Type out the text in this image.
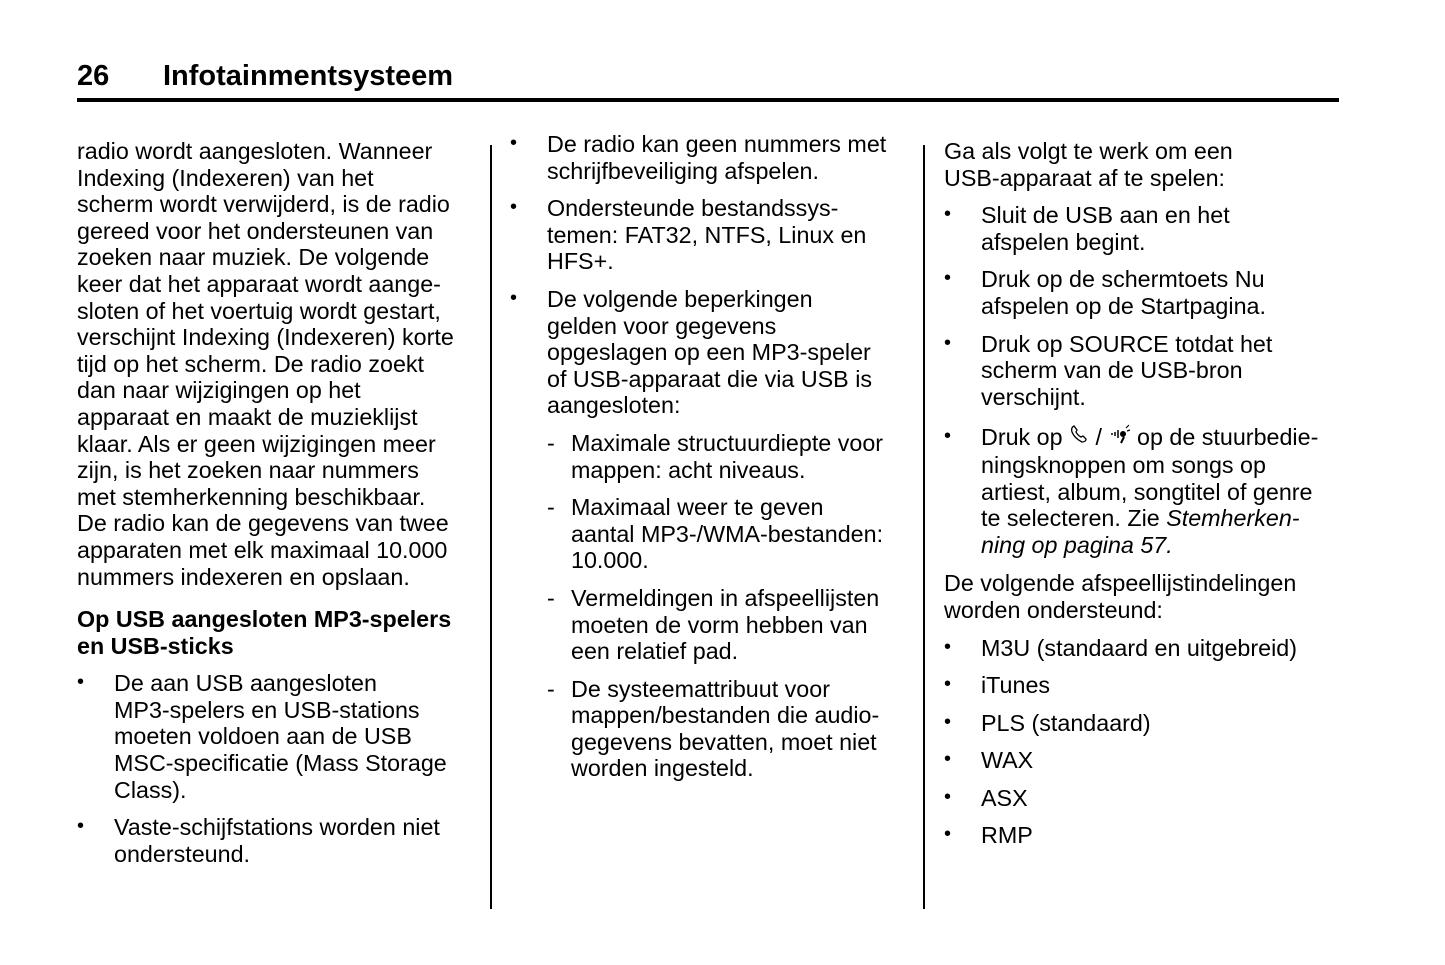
26 Infotainmentsysteem

radio wordt aangesloten. Wanneer
Indexing (Indexeren) van het
scherm wordt verwijderd, is de radio
gereed voor het ondersteunen van
zoeken naar muziek. De volgende
keer dat het apparaat wordt aange-
sloten of het voertuig wordt gestart,
verschijnt Indexing (Indexeren) korte
tijd op het scherm. De radio zoekt
dan naar wijzigingen op het
apparaat en maakt de muzieklijst
klaar. Als er geen wijzigingen meer
zijn, is het zoeken naar nummers
met stemherkenning beschikbaar.
De radio kan de gegevens van twee
apparaten met elk maximaal 10.000
nummers indexeren en opslaan.

Op USB aangesloten MP3-spelers
en USB-sticks

• De aan USB aangesloten
MP3-spelers en USB-stations
moeten voldoen aan de USB
MSC-specificatie (Mass Storage
Class).
• Vaste-schijfstations worden niet
ondersteund.
• De radio kan geen nummers met
schrijfbeveiliging afspelen.
• Ondersteunde bestandssys-
temen: FAT32, NTFS, Linux en
HFS+.
• De volgende beperkingen
gelden voor gegevens
opgeslagen op een MP3-speler
of USB-apparaat die via USB is
aangesloten:
- Maximale structuurdiepte voor
mappen: acht niveaus.
- Maximaal weer te geven
aantal MP3-/WMA-bestanden:
10.000.
- Vermeldingen in afspeellijsten
moeten de vorm hebben van
een relatief pad.
- De systeemattribuut voor
mappen/bestanden die audio-
gegevens bevatten, moet niet
worden ingesteld.

Ga als volgt te werk om een
USB-apparaat af te spelen:

• Sluit de USB aan en het
afspelen begint.
• Druk op de schermtoets Nu
afspelen op de Startpagina.
• Druk op SOURCE totdat het
scherm van de USB-bron
verschijnt.
• Druk op / op de stuurbedie-
ningsknoppen om songs op
artiest, album, songtitel of genre
te selecteren. Zie Stemherken-
ning op pagina 57.

De volgende afspeellijstindelingen
worden ondersteund:

• M3U (standaard en uitgebreid)
• iTunes
• PLS (standaard)
• WAX
• ASX
• RMP
